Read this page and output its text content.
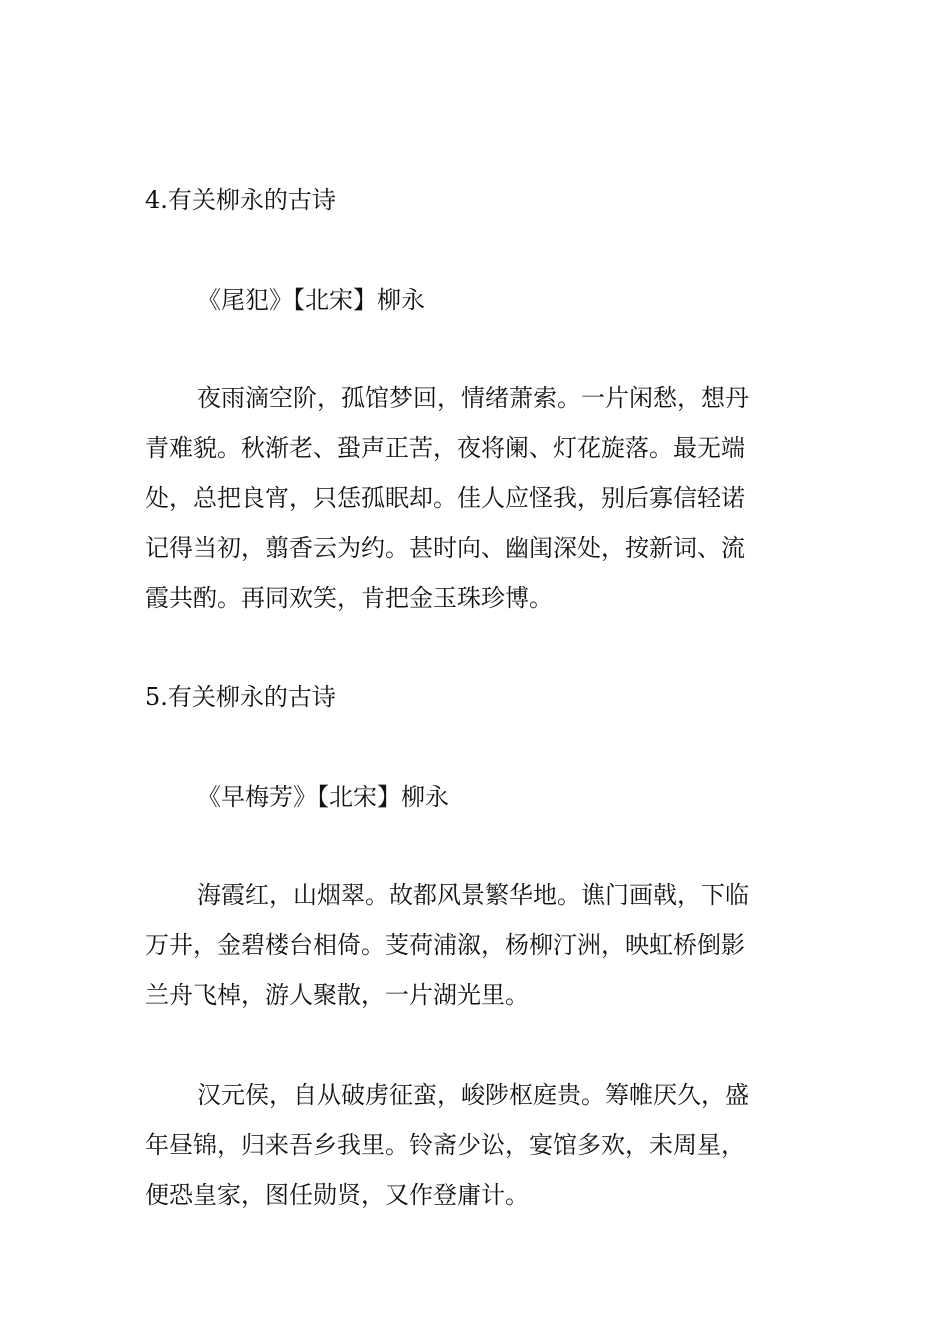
4.有关柳永的古诗
《尾犯》【北宋】柳永
夜雨滴空阶，孤馆梦回，情绪萧索。一片闲愁，想丹
青难貌。秋渐老、蛩声正苦，夜将阑、灯花旋落。最无端
处，总把良宵，只恁孤眠却。佳人应怪我，别后寡信轻诺
记得当初，翦香云为约。甚时向、幽闺深处，按新词、流
霞共酌。再同欢笑，肯把金玉珠珍博。
5.有关柳永的古诗
《早梅芳》【北宋】柳永
海霞红，山烟翠。故都风景繁华地。谯门画戟，下临
万井，金碧楼台相倚。芰荷浦溆，杨柳汀洲，映虹桥倒影
兰舟飞棹，游人聚散，一片湖光里。
汉元侯，自从破虏征蛮，峻陟枢庭贵。筹帷厌久，盛
年昼锦，归来吾乡我里。铃斋少讼，宴馆多欢，未周星，
便恐皇家，图任勋贤，又作登庸计。
